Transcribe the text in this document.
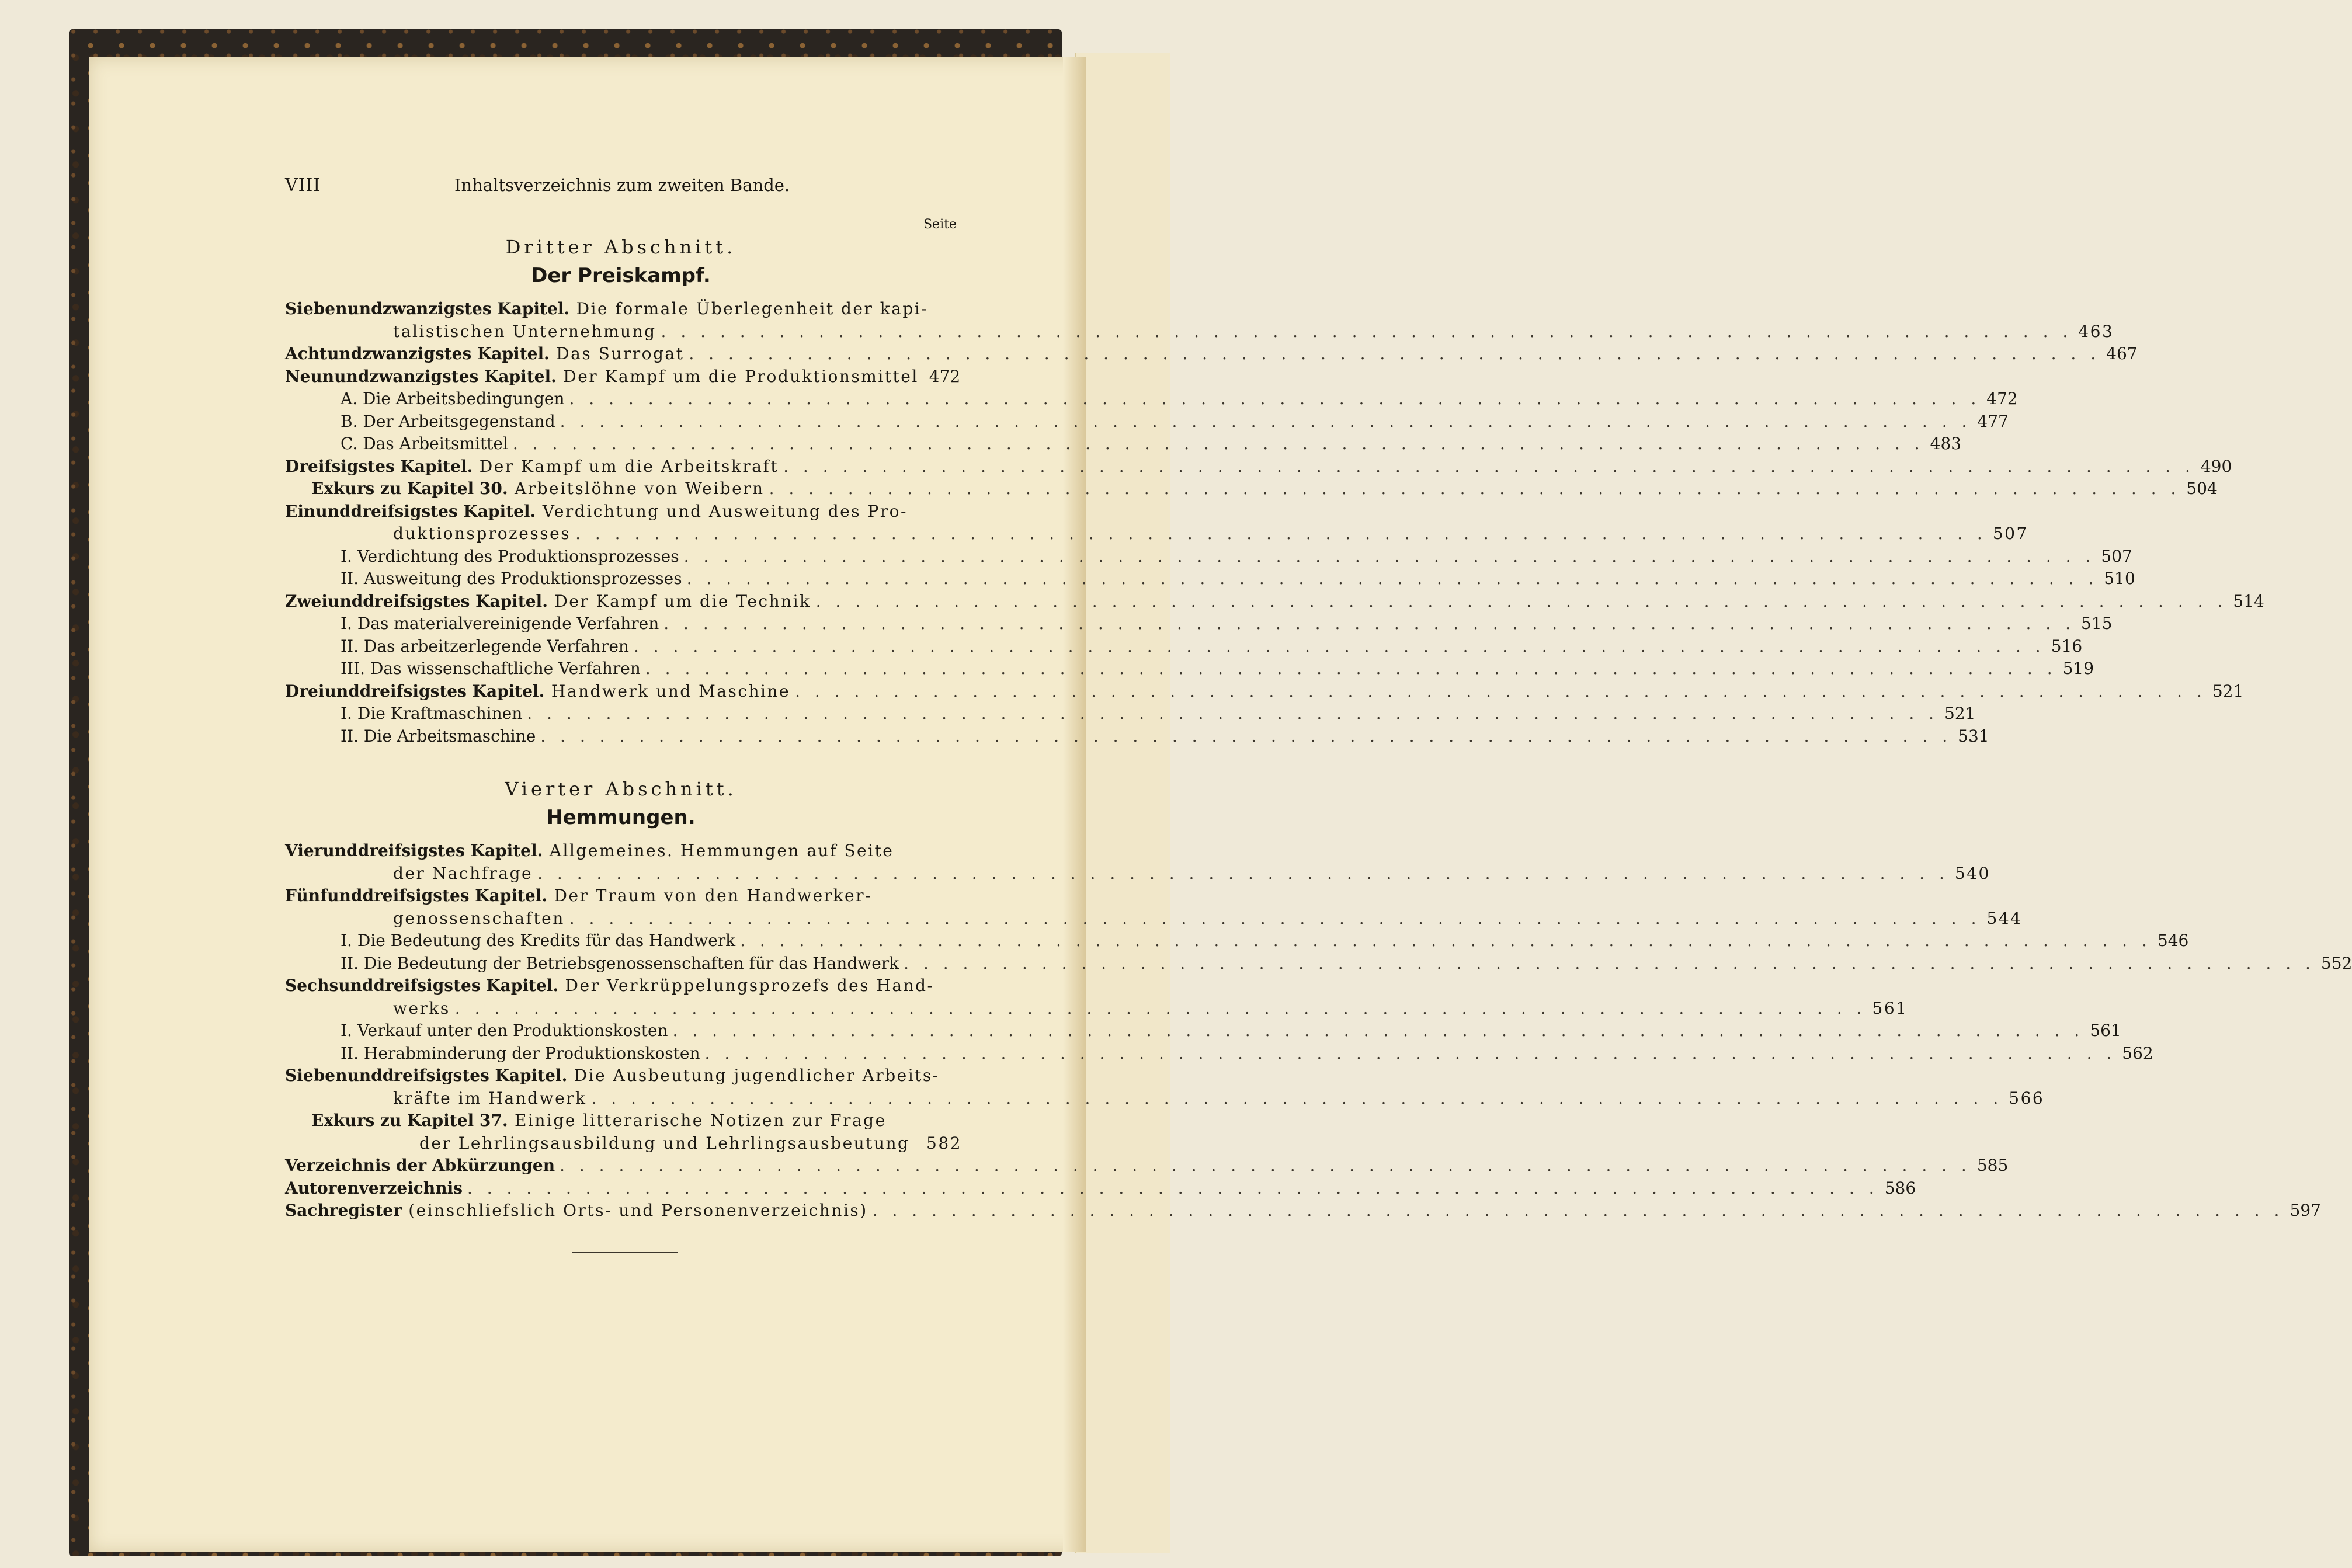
VIII	Inhaltsverzeichnis zum zweiten Bande.
Seite
Dritter Abschnitt.
Der Preiskampf.
Siebenundzwanzigstes Kapitel. Die formale Überlegenheit der kapi-
talistischen Unternehmung . . . . . . . . . . . . . . . . . . . . . . . . . . . . . . . . . . . . . . . . . . . . . . . . . . . . . . . . . . . . . . . . . . . . . . . . 463
Achtundzwanzigstes Kapitel. Das Surrogat . . . . . . . . . . . . . . . . . . . . . . . . . . . . . . . . . . . . . . . . . . . . . . . . . . . . . . . . . . . . . . . . . . . . . . . . 467
Neunundzwanzigstes Kapitel. Der Kampf um die Produktionsmittel 472
A. Die Arbeitsbedingungen . . . . . . . . . . . . . . . . . . . . . . . . . . . . . . . . . . . . . . . . . . . . . . . . . . . . . . . . . . . . . . . . . . . . . . . . 472
B. Der Arbeitsgegenstand . . . . . . . . . . . . . . . . . . . . . . . . . . . . . . . . . . . . . . . . . . . . . . . . . . . . . . . . . . . . . . . . . . . . . . . . 477
C. Das Arbeitsmittel . . . . . . . . . . . . . . . . . . . . . . . . . . . . . . . . . . . . . . . . . . . . . . . . . . . . . . . . . . . . . . . . . . . . . . . . 483
Dreifsigstes Kapitel. Der Kampf um die Arbeitskraft . . . . . . . . . . . . . . . . . . . . . . . . . . . . . . . . . . . . . . . . . . . . . . . . . . . . . . . . . . . . . . . . . . . . . . . . 490
Exkurs zu Kapitel 30. Arbeitslöhne von Weibern . . . . . . . . . . . . . . . . . . . . . . . . . . . . . . . . . . . . . . . . . . . . . . . . . . . . . . . . . . . . . . . . . . . . . . . . 504
Einunddreifsigstes Kapitel. Verdichtung und Ausweitung des Pro-
duktionsprozesses . . . . . . . . . . . . . . . . . . . . . . . . . . . . . . . . . . . . . . . . . . . . . . . . . . . . . . . . . . . . . . . . . . . . . . . . 507
I. Verdichtung des Produktionsprozesses . . . . . . . . . . . . . . . . . . . . . . . . . . . . . . . . . . . . . . . . . . . . . . . . . . . . . . . . . . . . . . . . . . . . . . . . 507
II. Ausweitung des Produktionsprozesses . . . . . . . . . . . . . . . . . . . . . . . . . . . . . . . . . . . . . . . . . . . . . . . . . . . . . . . . . . . . . . . . . . . . . . . . 510
Zweiunddreifsigstes Kapitel. Der Kampf um die Technik . . . . . . . . . . . . . . . . . . . . . . . . . . . . . . . . . . . . . . . . . . . . . . . . . . . . . . . . . . . . . . . . . . . . . . . . 514
I. Das materialvereinigende Verfahren . . . . . . . . . . . . . . . . . . . . . . . . . . . . . . . . . . . . . . . . . . . . . . . . . . . . . . . . . . . . . . . . . . . . . . . . 515
II. Das arbeitzerlegende Verfahren . . . . . . . . . . . . . . . . . . . . . . . . . . . . . . . . . . . . . . . . . . . . . . . . . . . . . . . . . . . . . . . . . . . . . . . . 516
III. Das wissenschaftliche Verfahren . . . . . . . . . . . . . . . . . . . . . . . . . . . . . . . . . . . . . . . . . . . . . . . . . . . . . . . . . . . . . . . . . . . . . . . . 519
Dreiunddreifsigstes Kapitel. Handwerk und Maschine . . . . . . . . . . . . . . . . . . . . . . . . . . . . . . . . . . . . . . . . . . . . . . . . . . . . . . . . . . . . . . . . . . . . . . . . 521
I. Die Kraftmaschinen . . . . . . . . . . . . . . . . . . . . . . . . . . . . . . . . . . . . . . . . . . . . . . . . . . . . . . . . . . . . . . . . . . . . . . . . 521
II. Die Arbeitsmaschine . . . . . . . . . . . . . . . . . . . . . . . . . . . . . . . . . . . . . . . . . . . . . . . . . . . . . . . . . . . . . . . . . . . . . . . . 531
Vierter Abschnitt.
Hemmungen.
Vierunddreifsigstes Kapitel. Allgemeines. Hemmungen auf Seite
der Nachfrage . . . . . . . . . . . . . . . . . . . . . . . . . . . . . . . . . . . . . . . . . . . . . . . . . . . . . . . . . . . . . . . . . . . . . . . . 540
Fünfunddreifsigstes Kapitel. Der Traum von den Handwerker-
genossenschaften . . . . . . . . . . . . . . . . . . . . . . . . . . . . . . . . . . . . . . . . . . . . . . . . . . . . . . . . . . . . . . . . . . . . . . . . 544
I. Die Bedeutung des Kredits für das Handwerk . . . . . . . . . . . . . . . . . . . . . . . . . . . . . . . . . . . . . . . . . . . . . . . . . . . . . . . . . . . . . . . . . . . . . . . . 546
II. Die Bedeutung der Betriebsgenossenschaften für das Handwerk . . . . . . . . . . . . . . . . . . . . . . . . . . . . . . . . . . . . . . . . . . . . . . . . . . . . . . . . . . . . . . . . . . . . . . . . 552
Sechsunddreifsigstes Kapitel. Der Verkrüppelungsprozefs des Hand-
werks . . . . . . . . . . . . . . . . . . . . . . . . . . . . . . . . . . . . . . . . . . . . . . . . . . . . . . . . . . . . . . . . . . . . . . . . 561
I. Verkauf unter den Produktionskosten . . . . . . . . . . . . . . . . . . . . . . . . . . . . . . . . . . . . . . . . . . . . . . . . . . . . . . . . . . . . . . . . . . . . . . . . 561
II. Herabminderung der Produktionskosten . . . . . . . . . . . . . . . . . . . . . . . . . . . . . . . . . . . . . . . . . . . . . . . . . . . . . . . . . . . . . . . . . . . . . . . . 562
Siebenunddreifsigstes Kapitel. Die Ausbeutung jugendlicher Arbeits-
kräfte im Handwerk . . . . . . . . . . . . . . . . . . . . . . . . . . . . . . . . . . . . . . . . . . . . . . . . . . . . . . . . . . . . . . . . . . . . . . . . 566
Exkurs zu Kapitel 37. Einige litterarische Notizen zur Frage
der Lehrlingsausbildung und Lehrlingsausbeutung 582
Verzeichnis der Abkürzungen . . . . . . . . . . . . . . . . . . . . . . . . . . . . . . . . . . . . . . . . . . . . . . . . . . . . . . . . . . . . . . . . . . . . . . . . 585
Autorenverzeichnis . . . . . . . . . . . . . . . . . . . . . . . . . . . . . . . . . . . . . . . . . . . . . . . . . . . . . . . . . . . . . . . . . . . . . . . . 586
Sachregister (einschliefslich Orts- und Personenverzeichnis) . . . . . . . . . . . . . . . . . . . . . . . . . . . . . . . . . . . . . . . . . . . . . . . . . . . . . . . . . . . . . . . . . . . . . . . . 597
